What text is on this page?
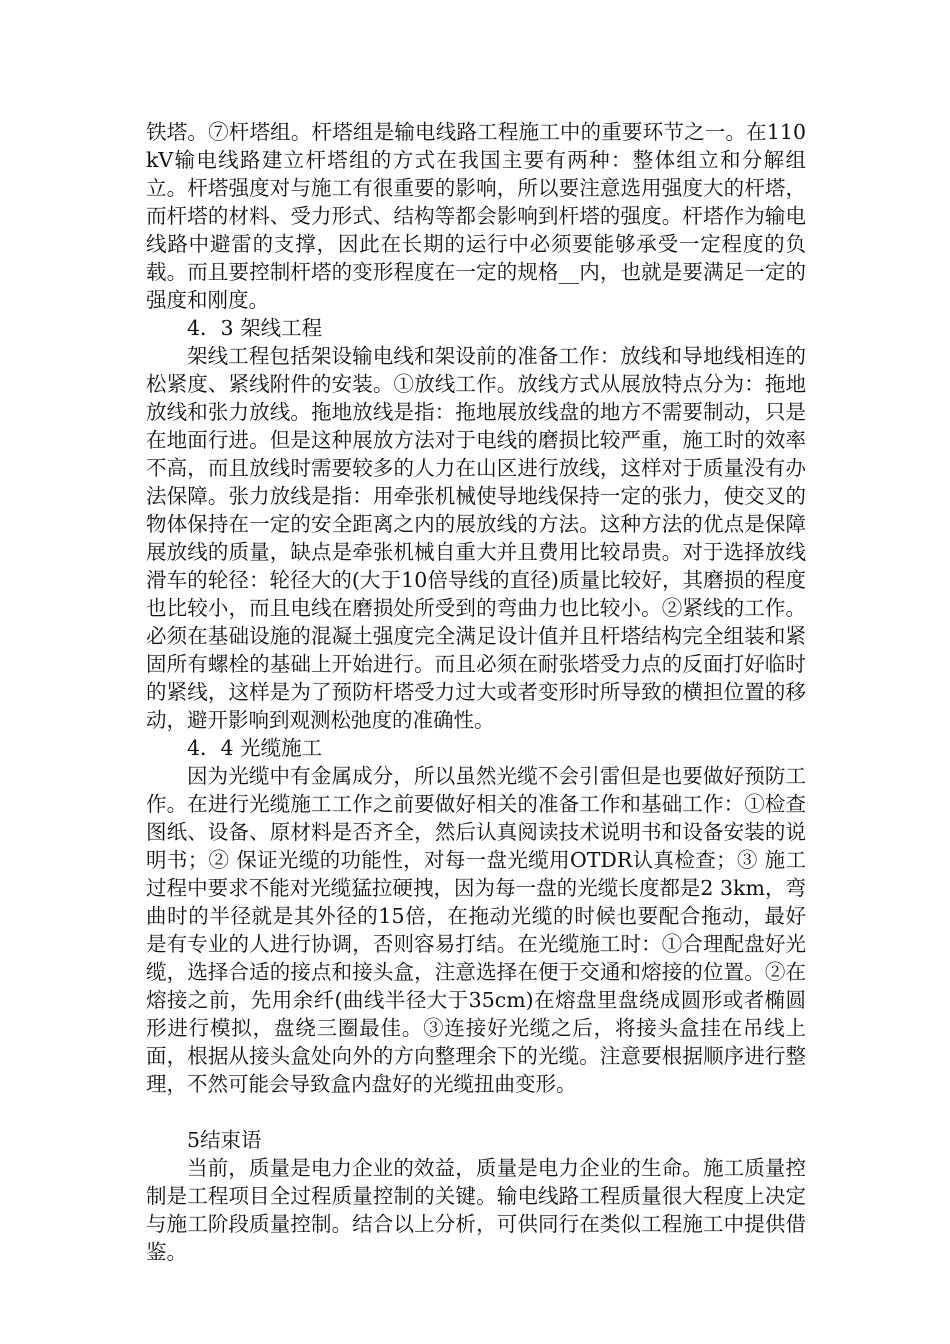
铁塔。⑦杆塔组。杆塔组是输电线路工程施工中的重要环节之一。在110kV输电线路建立杆塔组的方式在我国主要有两种：整体组立和分解组立。杆塔强度对与施工有很重要的影响，所以要注意选用强度大的杆塔，而杆塔的材料、受力形式、结构等都会影响到杆塔的强度。杆塔作为输电线路中避雷的支撑，因此在长期的运行中必须要能够承受一定程度的负载。而且要控制杆塔的变形程度在一定的规格__内，也就是要满足一定的强度和刚度。

4．3 架线工程

架线工程包括架设输电线和架设前的准备工作：放线和导地线相连的松紧度、紧线附件的安装。①放线工作。放线方式从展放特点分为：拖地放线和张力放线。拖地放线是指：拖地展放线盘的地方不需要制动，只是在地面行进。但是这种展放方法对于电线的磨损比较严重，施工时的效率不高，而且放线时需要较多的人力在山区进行放线，这样对于质量没有办法保障。张力放线是指：用牵张机械使导地线保持一定的张力，使交叉的物体保持在一定的安全距离之内的展放线的方法。这种方法的优点是保障展放线的质量，缺点是牵张机械自重大并且费用比较昂贵。对于选择放线滑车的轮径：轮径大的(大于10倍导线的直径)质量比较好，其磨损的程度也比较小，而且电线在磨损处所受到的弯曲力也比较小。②紧线的工作。必须在基础设施的混凝土强度完全满足设计值并且杆塔结构完全组装和紧固所有螺栓的基础上开始进行。而且必须在耐张塔受力点的反面打好临时的紧线，这样是为了预防杆塔受力过大或者变形时所导致的横担位置的移动，避开影响到观测松弛度的准确性。

4．4 光缆施工

因为光缆中有金属成分，所以虽然光缆不会引雷但是也要做好预防工作。在进行光缆施工工作之前要做好相关的准备工作和基础工作：①检查图纸、设备、原材料是否齐全，然后认真阅读技术说明书和设备安装的说明书；② 保证光缆的功能性，对每一盘光缆用OTDR认真检查；③ 施工过程中要求不能对光缆猛拉硬拽，因为每一盘的光缆长度都是2 3km，弯曲时的半径就是其外径的15倍，在拖动光缆的时候也要配合拖动，最好是有专业的人进行协调，否则容易打结。在光缆施工时：①合理配盘好光缆，选择合适的接点和接头盒，注意选择在便于交通和熔接的位置。②在熔接之前，先用余纤(曲线半径大于35cm)在熔盘里盘绕成圆形或者椭圆形进行模拟，盘绕三圈最佳。③连接好光缆之后，将接头盒挂在吊线上面，根据从接头盒处向外的方向整理余下的光缆。注意要根据顺序进行整理，不然可能会导致盒内盘好的光缆扭曲变形。

5结束语

当前，质量是电力企业的效益，质量是电力企业的生命。施工质量控制是工程项目全过程质量控制的关键。输电线路工程质量很大程度上决定与施工阶段质量控制。结合以上分析，可供同行在类似工程施工中提供借鉴。
